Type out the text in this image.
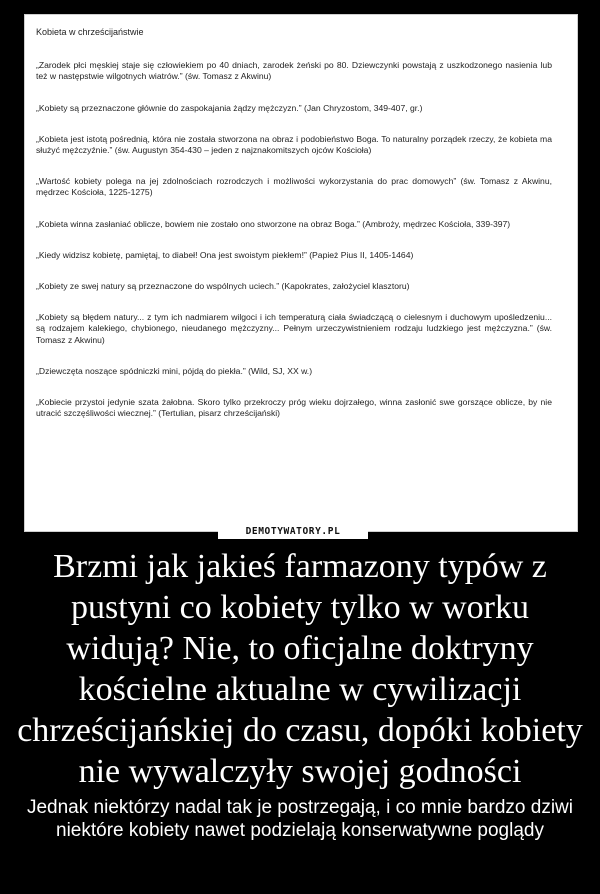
Kobieta w chrześcijaństwie

„Zarodek płci męskiej staje się człowiekiem po 40 dniach, zarodek żeński po 80. Dziewczynki powstają z uszkodzonego nasienia lub też w następstwie wilgotnych wiatrów.” (św. Tomasz z Akwinu)

„Kobiety są przeznaczone głównie do zaspokajania żądzy mężczyzn.” (Jan Chryzostom, 349-407, gr.)

„Kobieta jest istotą pośrednią, która nie została stworzona na obraz i podobieństwo Boga. To naturalny porządek rzeczy, że kobieta ma służyć mężczyźnie.” (św. Augustyn 354-430 – jeden z najznakomitszych ojców Kościoła)

„Wartość kobiety polega na jej zdolnościach rozrodczych i możliwości wykorzystania do prac domowych” (św. Tomasz z Akwinu, mędrzec Kościoła, 1225-1275)

„Kobieta winna zasłaniać oblicze, bowiem nie zostało ono stworzone na obraz Boga.” (Ambroży, mędrzec Kościoła, 339-397)

„Kiedy widzisz kobietę, pamiętaj, to diabeł! Ona jest swoistym piekłem!” (Papież Pius II, 1405-1464)

„Kobiety ze swej natury są przeznaczone do wspólnych uciech.” (Kapokrates, założyciel klasztoru)

„Kobiety są błędem natury... z tym ich nadmiarem wilgoci i ich temperaturą ciała świadczącą o cielesnym i duchowym upośledzeniu... są rodzajem kalekiego, chybionego, nieudanego mężczyzny... Pełnym urzeczywistnieniem rodzaju ludzkiego jest mężczyzna.” (św. Tomasz z Akwinu)

„Dziewczęta noszące spódniczki mini, pójdą do piekła.” (Wild, SJ, XX w.)

„Kobiecie przystoi jedynie szata żałobna. Skoro tylko przekroczy próg wieku dojrzałego, winna zasłonić swe gorszące oblicze, by nie utracić szczęśliwości wiecznej.” (Tertulian, pisarz chrześcijański)

DEMOTYWATORY.PL

Brzmi jak jakieś farmazony typów z pustyni co kobiety tylko w worku widują? Nie, to oficjalne doktryny kościelne aktualne w cywilizacji chrześcijańskiej do czasu, dopóki kobiety nie wywalczyły swojej godności

Jednak niektórzy nadal tak je postrzegają, i co mnie bardzo dziwi niektóre kobiety nawet podzielają konserwatywne poglądy
